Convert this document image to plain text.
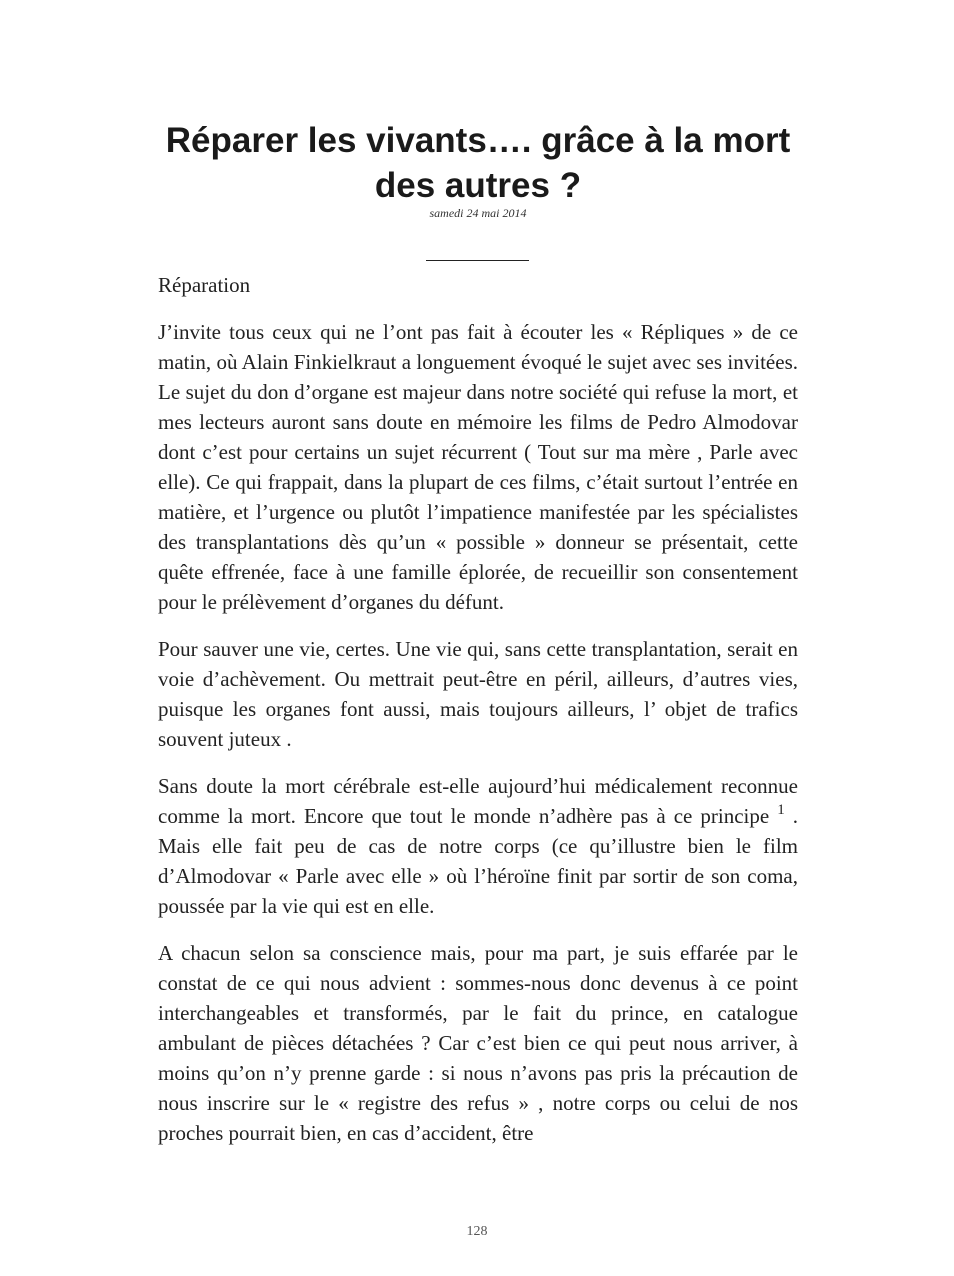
Réparer les vivants…. grâce à la mort des autres ?
samedi 24 mai 2014

Réparation

J’invite tous ceux qui ne l’ont pas fait à écouter les « Répliques » de ce matin, où Alain Finkielkraut a longuement évoqué le sujet avec ses invitées. Le sujet du don d’organe est majeur dans notre société qui refuse la mort, et mes lecteurs auront sans doute en mémoire les films de Pedro Almodovar dont c’est pour certains un sujet récurrent ( Tout sur ma mère , Parle avec elle). Ce qui frappait, dans la plupart de ces films, c’était surtout l’entrée en matière, et l’urgence ou plutôt l’impatience manifestée par les spécialistes des transplantations dès qu’un « possible » donneur se présentait, cette quête effrenée, face à une famille éplorée, de recueillir son consentement pour le prélèvement d’organes du défunt.

Pour sauver une vie, certes. Une vie qui, sans cette transplantation, serait en voie d’achèvement. Ou mettrait peut-être en péril, ailleurs, d’autres vies, puisque les organes font aussi, mais toujours ailleurs, l’ objet de trafics souvent juteux .

Sans doute la mort cérébrale est-elle aujourd’hui médicalement reconnue comme la mort. Encore que tout le monde n’adhère pas à ce principe $^1$ . Mais elle fait peu de cas de notre corps (ce qu’illustre bien le film d’Almodovar « Parle avec elle » où l’héroïne finit par sortir de son coma, poussée par la vie qui est en elle.

A chacun selon sa conscience mais, pour ma part, je suis effarée par le constat de ce qui nous advient : sommes-nous donc devenus à ce point interchangeables et transformés, par le fait du prince, en catalogue ambulant de pièces détachées ? Car c’est bien ce qui peut nous arriver, à moins qu’on n’y prenne garde : si nous n’avons pas pris la précaution de nous inscrire sur le « registre des refus » , notre corps ou celui de nos proches pourrait bien, en cas d’accident, être

128
